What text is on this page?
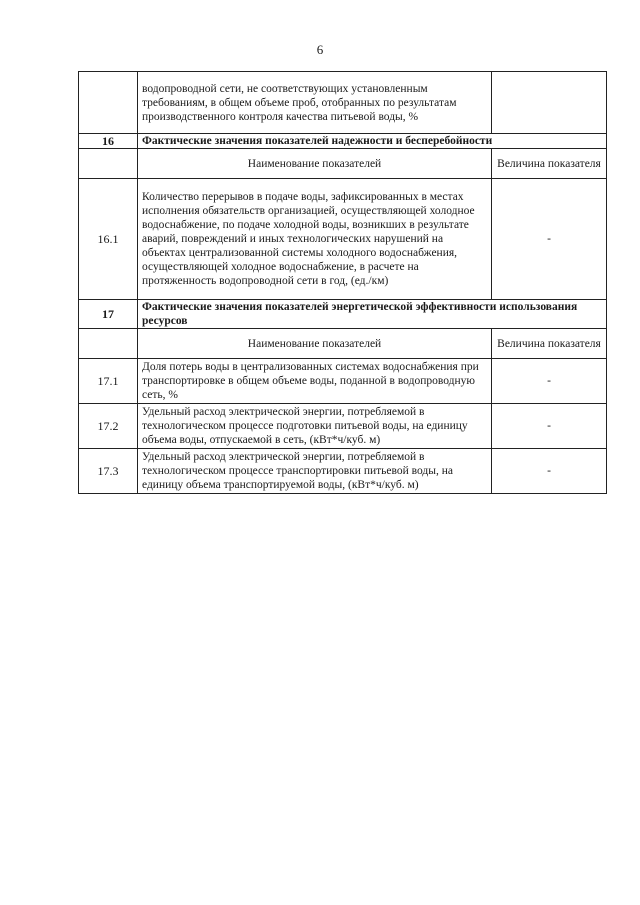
6
	водопроводной сети, не соответствующих установленным требованиям, в общем объеме проб, отобранных по результатам производственного контроля качества питьевой воды, %	
16	Фактические значения показателей надежности и бесперебойности	
	Наименование показателей	Величина показателя
16.1	Количество перерывов в подаче воды, зафиксированных в местах исполнения обязательств организацией, осуществляющей холодное водоснабжение, по подаче холодной воды, возникших в результате аварий, повреждений и иных технологических нарушений на объектах централизованной системы холодного водоснабжения, осуществляющей холодное водоснабжение, в расчете на протяженность водопроводной сети в год, (ед./км)	-
17	Фактические значения показателей энергетической эффективности использования ресурсов	
	Наименование показателей	Величина показателя
17.1	Доля потерь воды в централизованных системах водоснабжения при транспортировке в общем объеме воды, поданной в водопроводную сеть, %	-
17.2	Удельный расход электрической энергии, потребляемой в технологическом процессе подготовки питьевой воды, на единицу объема воды, отпускаемой в сеть, (кВт*ч/куб. м)	-
17.3	Удельный расход электрической энергии, потребляемой в технологическом процессе транспортировки питьевой воды, на единицу объема транспортируемой воды, (кВт*ч/куб. м)	-
